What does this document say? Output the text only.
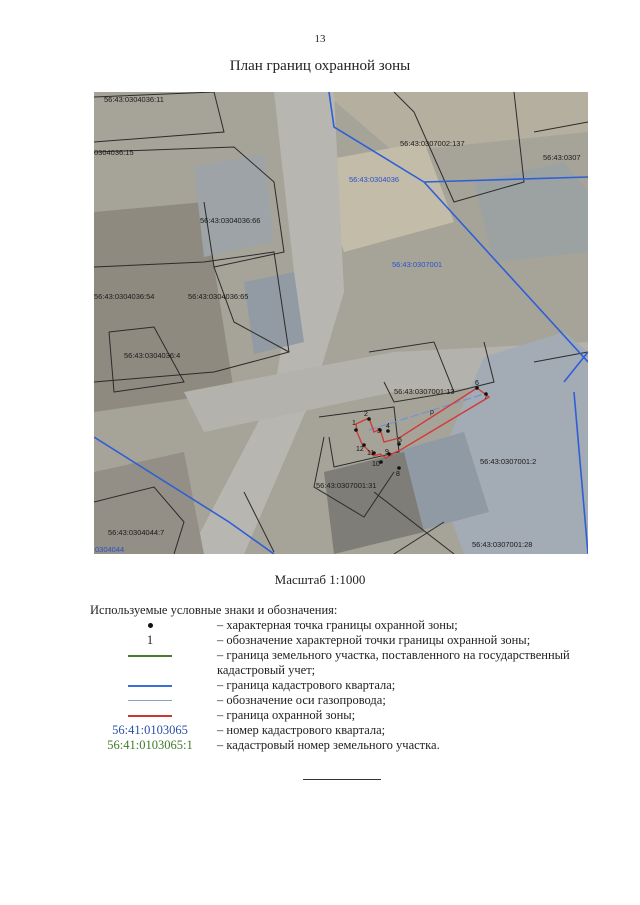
13
План границ охранной зоны
1
2
3
4
5
6
7
8
9
10
11
12
р
56:43:0304036
56:43:0307001
0304044
56:43:0304036:11
56:43:0307002:137
56:43:0307
0304036:15
56:43:0304036:66
56:43:0304036:54	56:43:0304036:65
56:43:0304036:4
56:43:0307001:13
56:43:0307001:2
56:43:0307001:31
56:43:0304044:7
56:43:0307001:28
Масштаб 1:1000
Используемые условные знаки и обозначения:
– характерная точка границы охранной зоны;
1	– обозначение характерной точки границы охранной зоны;
– граница земельного участка, поставленного на государственный кадастровый учет;
– граница кадастрового квартала;
– обозначение оси газопровода;
– граница охранной зоны;
56:41:0103065	– номер кадастрового квартала;
56:41:0103065:1	– кадастровый номер земельного участка.
